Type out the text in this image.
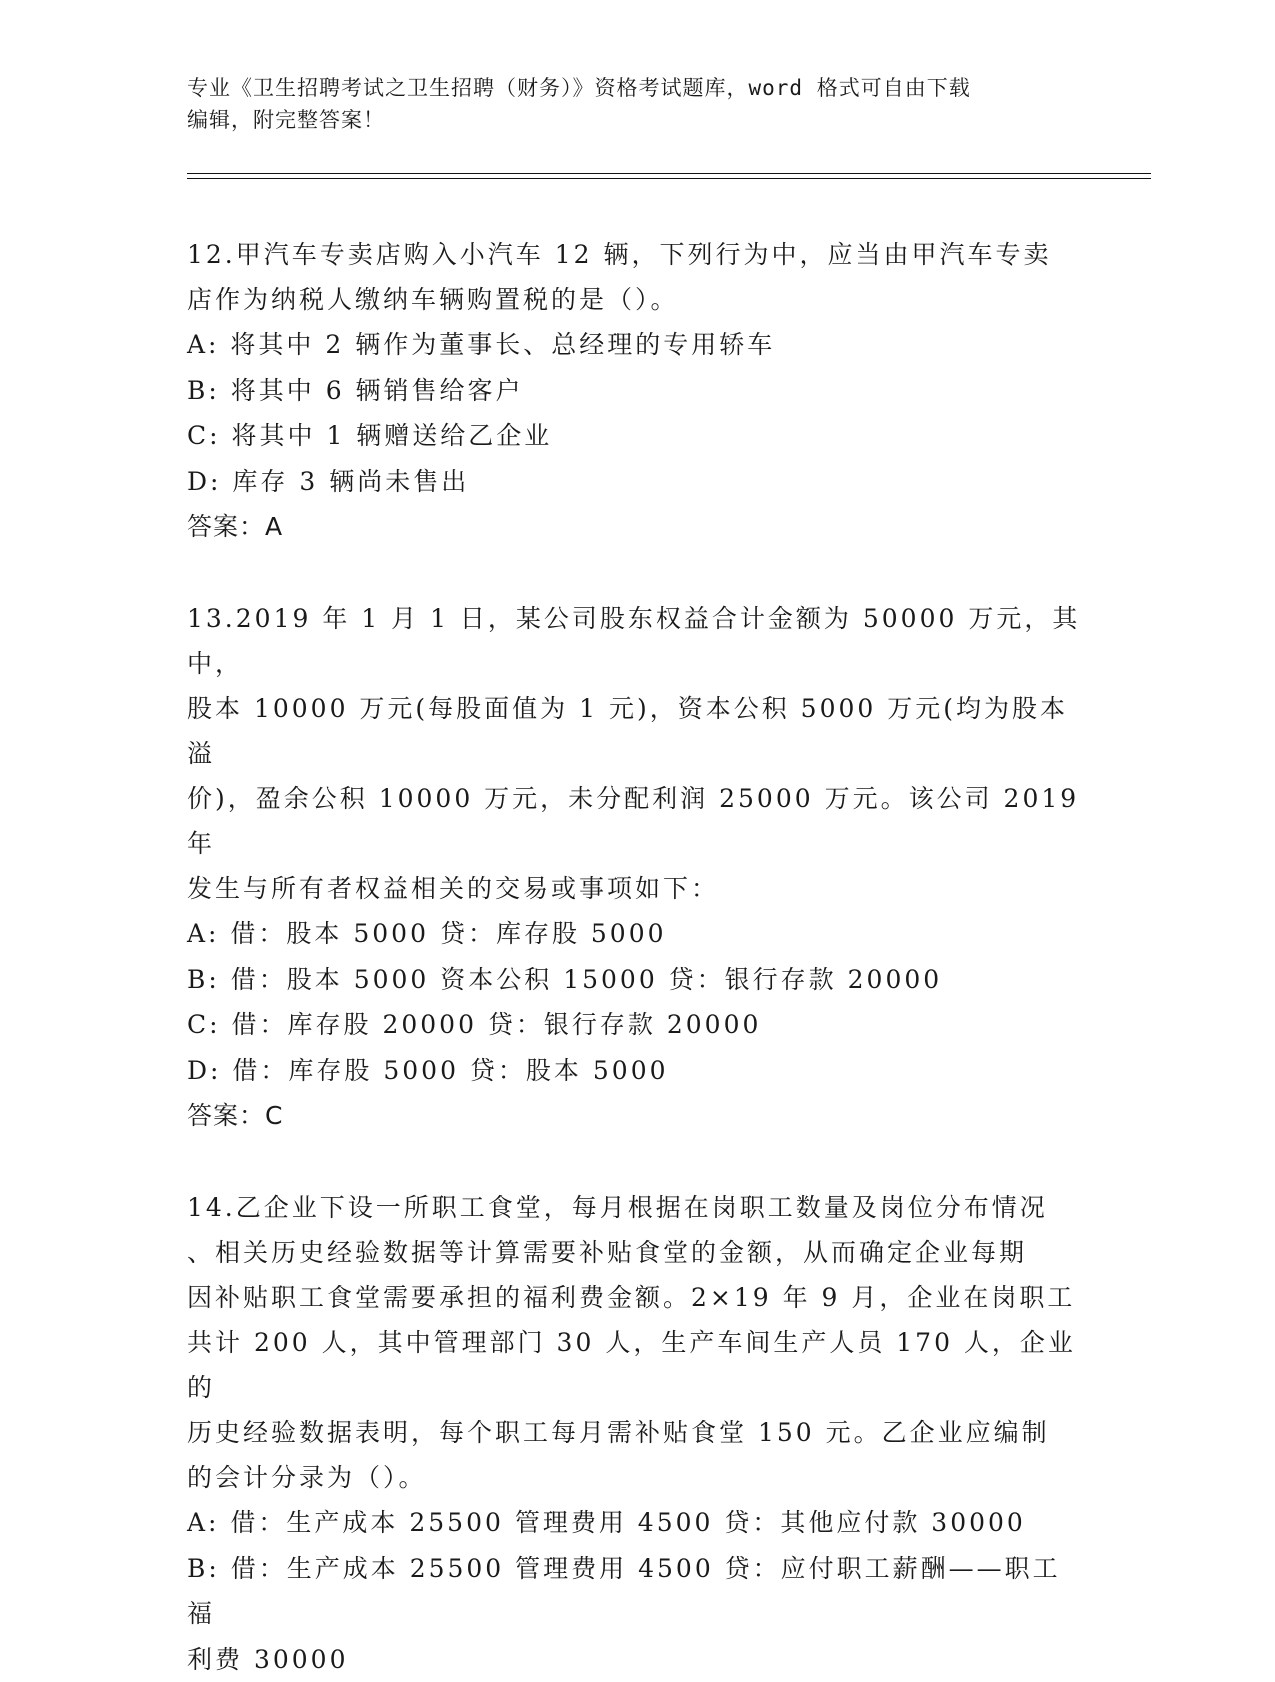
专业《卫生招聘考试之卫生招聘（财务）》资格考试题库，word 格式可自由下载
编辑，附完整答案！
12.甲汽车专卖店购入小汽车 12 辆，下列行为中，应当由甲汽车专卖
店作为纳税人缴纳车辆购置税的是（）。
A: 将其中 2 辆作为董事长、总经理的专用轿车
B: 将其中 6 辆销售给客户
C: 将其中 1 辆赠送给乙企业
D: 库存 3 辆尚未售出
答案：A
13.2019 年 1 月 1 日，某公司股东权益合计金额为 50000 万元，其中，
股本 10000 万元(每股面值为 1 元)，资本公积 5000 万元(均为股本溢
价)，盈余公积 10000 万元，未分配利润 25000 万元。该公司 2019 年
发生与所有者权益相关的交易或事项如下：
A: 借：股本 5000 贷：库存股 5000
B: 借：股本 5000 资本公积 15000 贷：银行存款 20000
C: 借：库存股 20000 贷：银行存款 20000
D: 借：库存股 5000 贷：股本 5000
答案：C
14.乙企业下设一所职工食堂，每月根据在岗职工数量及岗位分布情况
、相关历史经验数据等计算需要补贴食堂的金额，从而确定企业每期
因补贴职工食堂需要承担的福利费金额。2×19 年 9 月，企业在岗职工
共计 200 人，其中管理部门 30 人，生产车间生产人员 170 人，企业的
历史经验数据表明，每个职工每月需补贴食堂 150 元。乙企业应编制
的会计分录为（）。
A: 借：生产成本 25500 管理费用 4500 贷：其他应付款 30000
B: 借：生产成本 25500 管理费用 4500 贷：应付职工薪酬——职工福
利费 30000
